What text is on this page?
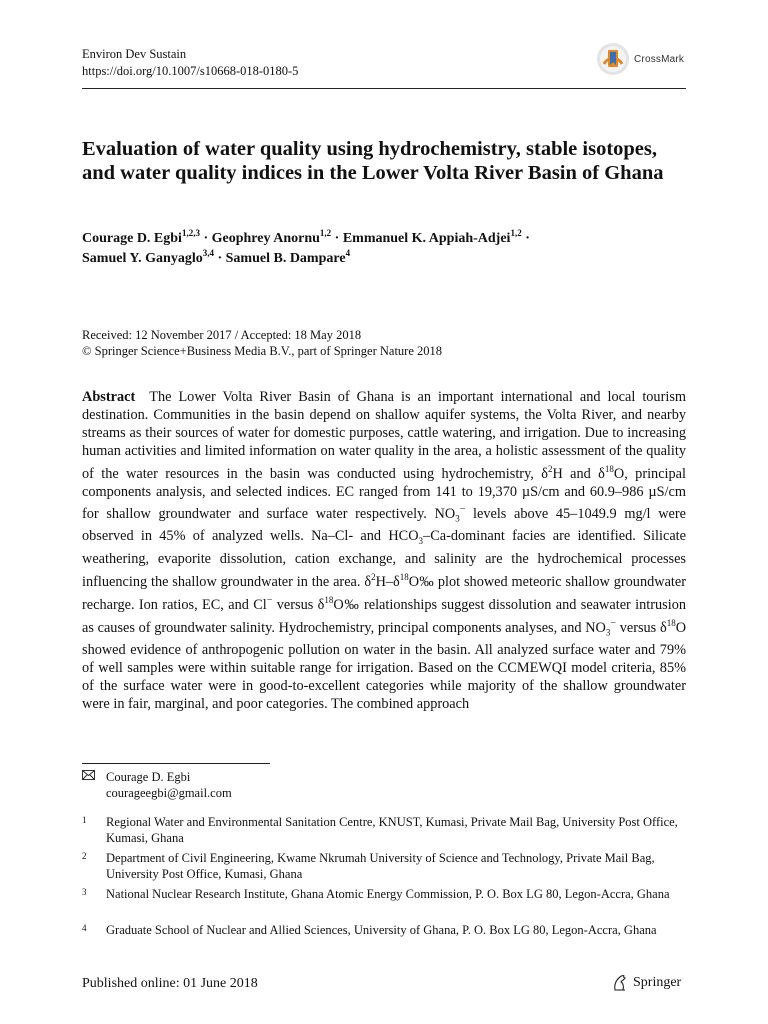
Environ Dev Sustain
https://doi.org/10.1007/s10668-018-0180-5
CrossMark
Evaluation of water quality using hydrochemistry, stable isotopes, and water quality indices in the Lower Volta River Basin of Ghana
Courage D. Egbi$^{1,2,3}$ · Geophrey Anornu$^{1,2}$ · Emmanuel K. Appiah-Adjei$^{1,2}$ ·
Samuel Y. Ganyaglo$^{3,4}$ · Samuel B. Dampare$^4$
Received: 12 November 2017 / Accepted: 18 May 2018
© Springer Science+Business Media B.V., part of Springer Nature 2018

Abstract The Lower Volta River Basin of Ghana is an important international and local tourism destination. Communities in the basin depend on shallow aquifer systems, the Volta River, and nearby streams as their sources of water for domestic purposes, cattle watering, and irrigation. Due to increasing human activities and limited information on water quality in the area, a holistic assessment of the quality of the water resources in the basin was conducted using hydrochemistry, $\delta^2H$ and $\delta^{18}O$, principal components analysis, and selected indices. EC ranged from 141 to 19,370 µS/cm and 60.9–986 µS/cm for shallow groundwater and surface water respectively. $NO_3^-$ levels above 45–1049.9 mg/l were observed in 45% of analyzed wells. Na–Cl- and $HCO_3-Ca$-dominant facies are identified. Silicate weathering, evaporite dissolution, cation exchange, and salinity are the hydrochemical processes influencing the shallow groundwater in the area. $\delta^2H-\delta^{18}O‰$ plot showed meteoric shallow groundwater recharge. Ion ratios, EC, and Cl− versus $\delta^{18}O‰$ relationships suggest dissolution and seawater intrusion as causes of groundwater salinity. Hydrochemistry, principal components analyses, and $NO_3^-$ versus $\delta^{18}O$ showed evidence of anthropogenic pollution on water in the basin. All analyzed surface water and 79% of well samples were within suitable range for irrigation. Based on the CCMEWQI model criteria, 85% of the surface water were in good-to-excellent categories while majority of the shallow groundwater were in fair, marginal, and poor categories. The combined approach

Courage D. Egbi
courageegbi@gmail.com
1 Regional Water and Environmental Sanitation Centre, KNUST, Kumasi, Private Mail Bag, University Post Office, Kumasi, Ghana
2 Department of Civil Engineering, Kwame Nkrumah University of Science and Technology, Private Mail Bag, University Post Office, Kumasi, Ghana
3 National Nuclear Research Institute, Ghana Atomic Energy Commission, P. O. Box LG 80, Legon-Accra, Ghana
4 Graduate School of Nuclear and Allied Sciences, University of Ghana, P. O. Box LG 80, Legon-Accra, Ghana
Published online: 01 June 2018	Springer
